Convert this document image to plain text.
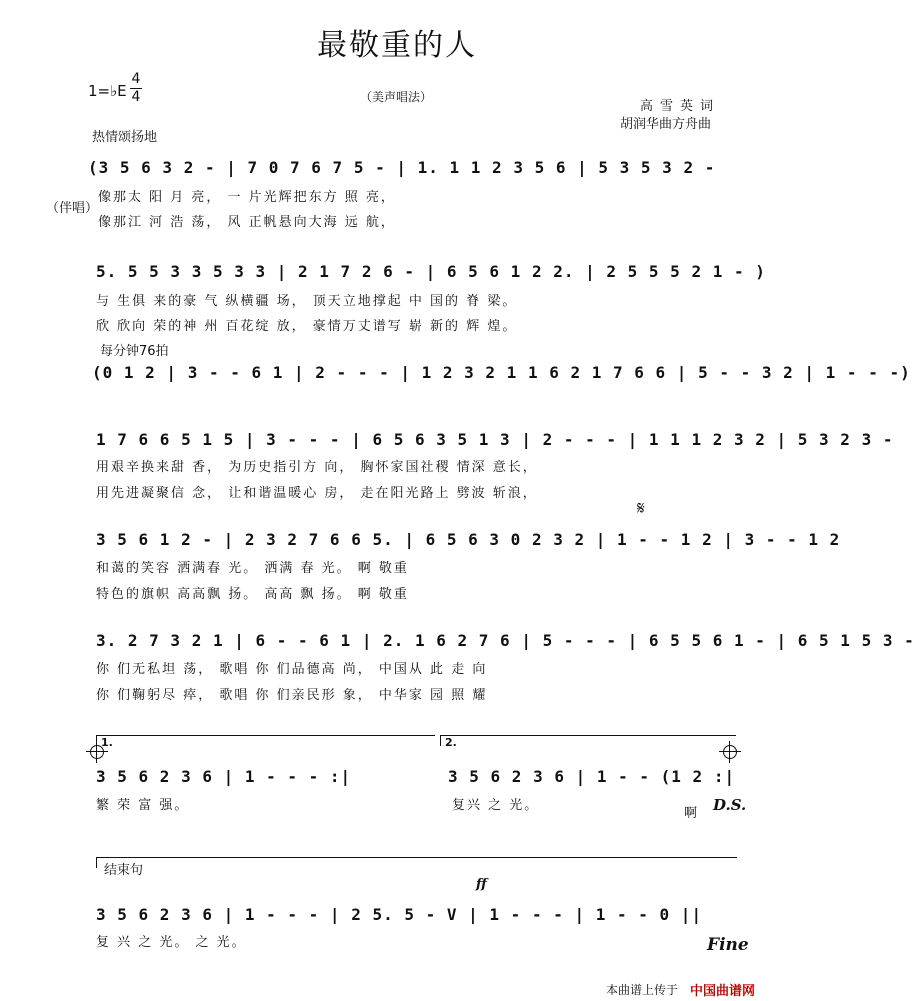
最敬重的人
1=♭E
4
4	（美声唱法）
高雪英词
胡润华曲方舟曲
热情颂扬地
（伴唱）
(3 5 6 3 2 - | 7 0 7 6 7 5 - | 1. 1 1 2 3 5 6 | 5 3 5 3 2 -
像那太 阳 月 亮， 一 片光辉把东方 照 亮，
像那江 河 浩 荡， 风 正帆悬向大海 远 航，
5. 5 5 3 3 5 3 3 | 2 1 7 2 6 - | 6 5 6 1 2 2. | 2 5 5 5 2 1 - )
与 生俱 来的豪 气 纵横疆 场， 顶天立地撑起 中 国的 脊 梁。
欣 欣向 荣的神 州 百花绽 放， 豪情万丈谱写 崭 新的 辉 煌。
每分钟76拍
(0 1 2 | 3 - - 6 1 | 2 - - - | 1 2 3 2 1 1 6 2 1 7 6 6 | 5 - - 3 2 | 1 - - -)
1 7 6 6 5 1 5 | 3 - - - | 6 5 6 3 5 1 3 | 2 - - - | 1 1 1 2 3 2 | 5 3 2 3 -
用艰辛换来甜 香， 为历史指引方 向， 胸怀家国社稷 情深 意长，
用先进凝聚信 念， 让和谐温暖心 房， 走在阳光路上 劈波 斩浪，
𝄋
3 5 6 1 2 - | 2 3 2 7 6 6 5. | 6 5 6 3 0 2 3 2 | 1 - - 1 2 | 3 - - 1 2
和蔼的笑容 洒满春 光。 洒满 春 光。 啊 敬重
特色的旗帜 高高飘 扬。 高高 飘 扬。 啊 敬重
3. 2 7 3 2 1 | 6 - - 6 1 | 2. 1 6 2 7 6 | 5 - - - | 6 5 5 6 1 - | 6 5 1 5 3 -
你 们无私坦 荡， 歌唱 你 们品德高 尚， 中国从 此 走 向
你 们鞠躬尽 瘁， 歌唱 你 们亲民形 象， 中华家 园 照 耀
1.	2.
3 5 6 2 3 6 | 1 - - - :|	3 5 6 2 3 6 | 1 - - (1 2 :|
繁 荣 富 强。	复兴 之 光。
啊 D.S.
结束句
ff
3 5 6 2 3 6 | 1 - - - | 2 5. 5 - V | 1 - - - | 1 - - 0 ||
复 兴 之 光。 之 光。	Fine
本曲谱上传于 中国曲谱网
